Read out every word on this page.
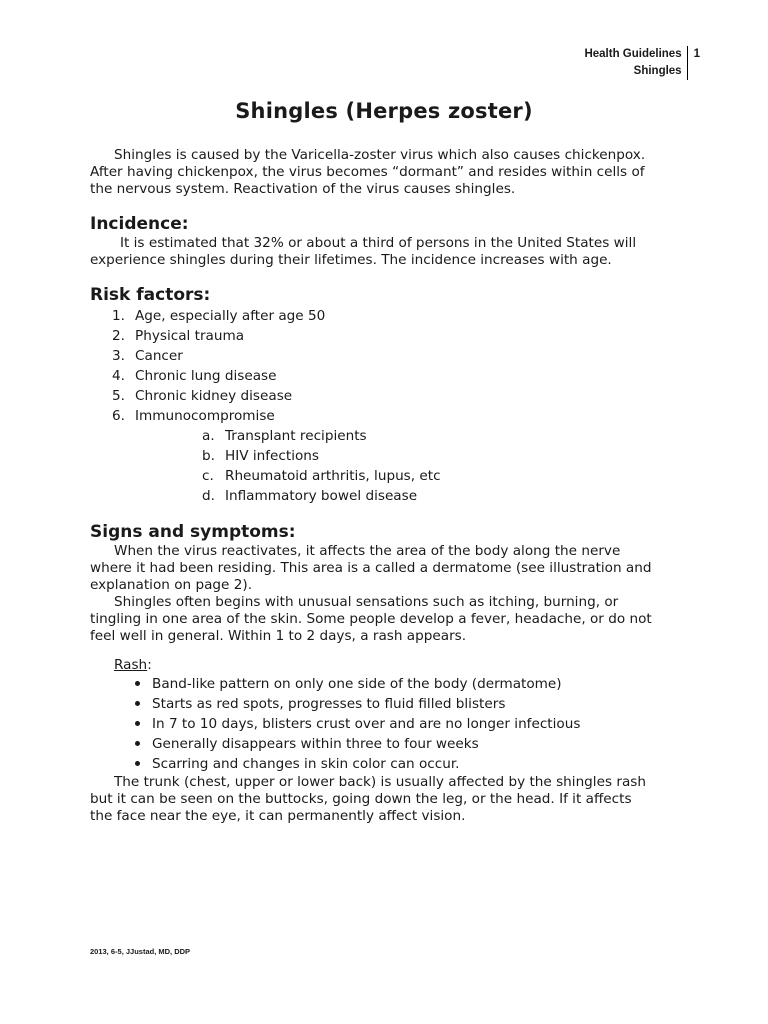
Health Guidelines
Shingles
1
Shingles (Herpes zoster)

Shingles is caused by the Varicella-zoster virus which also causes chickenpox. After having chickenpox, the virus becomes “dormant” and resides within cells of the nervous system. Reactivation of the virus causes shingles.

Incidence:

It is estimated that 32% or about a third of persons in the United States will experience shingles during their lifetimes. The incidence increases with age.

Risk factors:
1. Age, especially after age 50
2. Physical trauma
3. Cancer
4. Chronic lung disease
5. Chronic kidney disease
6. Immunocompromise
a. Transplant recipients
b. HIV infections
c. Rheumatoid arthritis, lupus, etc
d. Inflammatory bowel disease
Signs and symptoms:

When the virus reactivates, it affects the area of the body along the nerve where it had been residing. This area is a called a dermatome (see illustration and explanation on page 2).

Shingles often begins with unusual sensations such as itching, burning, or tingling in one area of the skin. Some people develop a fever, headache, or do not feel well in general. Within 1 to 2 days, a rash appears.

Rash:
Band-like pattern on only one side of the body (dermatome)
Starts as red spots, progresses to fluid filled blisters
In 7 to 10 days, blisters crust over and are no longer infectious
Generally disappears within three to four weeks
Scarring and changes in skin color can occur.

The trunk (chest, upper or lower back) is usually affected by the shingles rash but it can be seen on the buttocks, going down the leg, or the head. If it affects the face near the eye, it can permanently affect vision.

2013, 6-5, JJustad, MD, DDP
